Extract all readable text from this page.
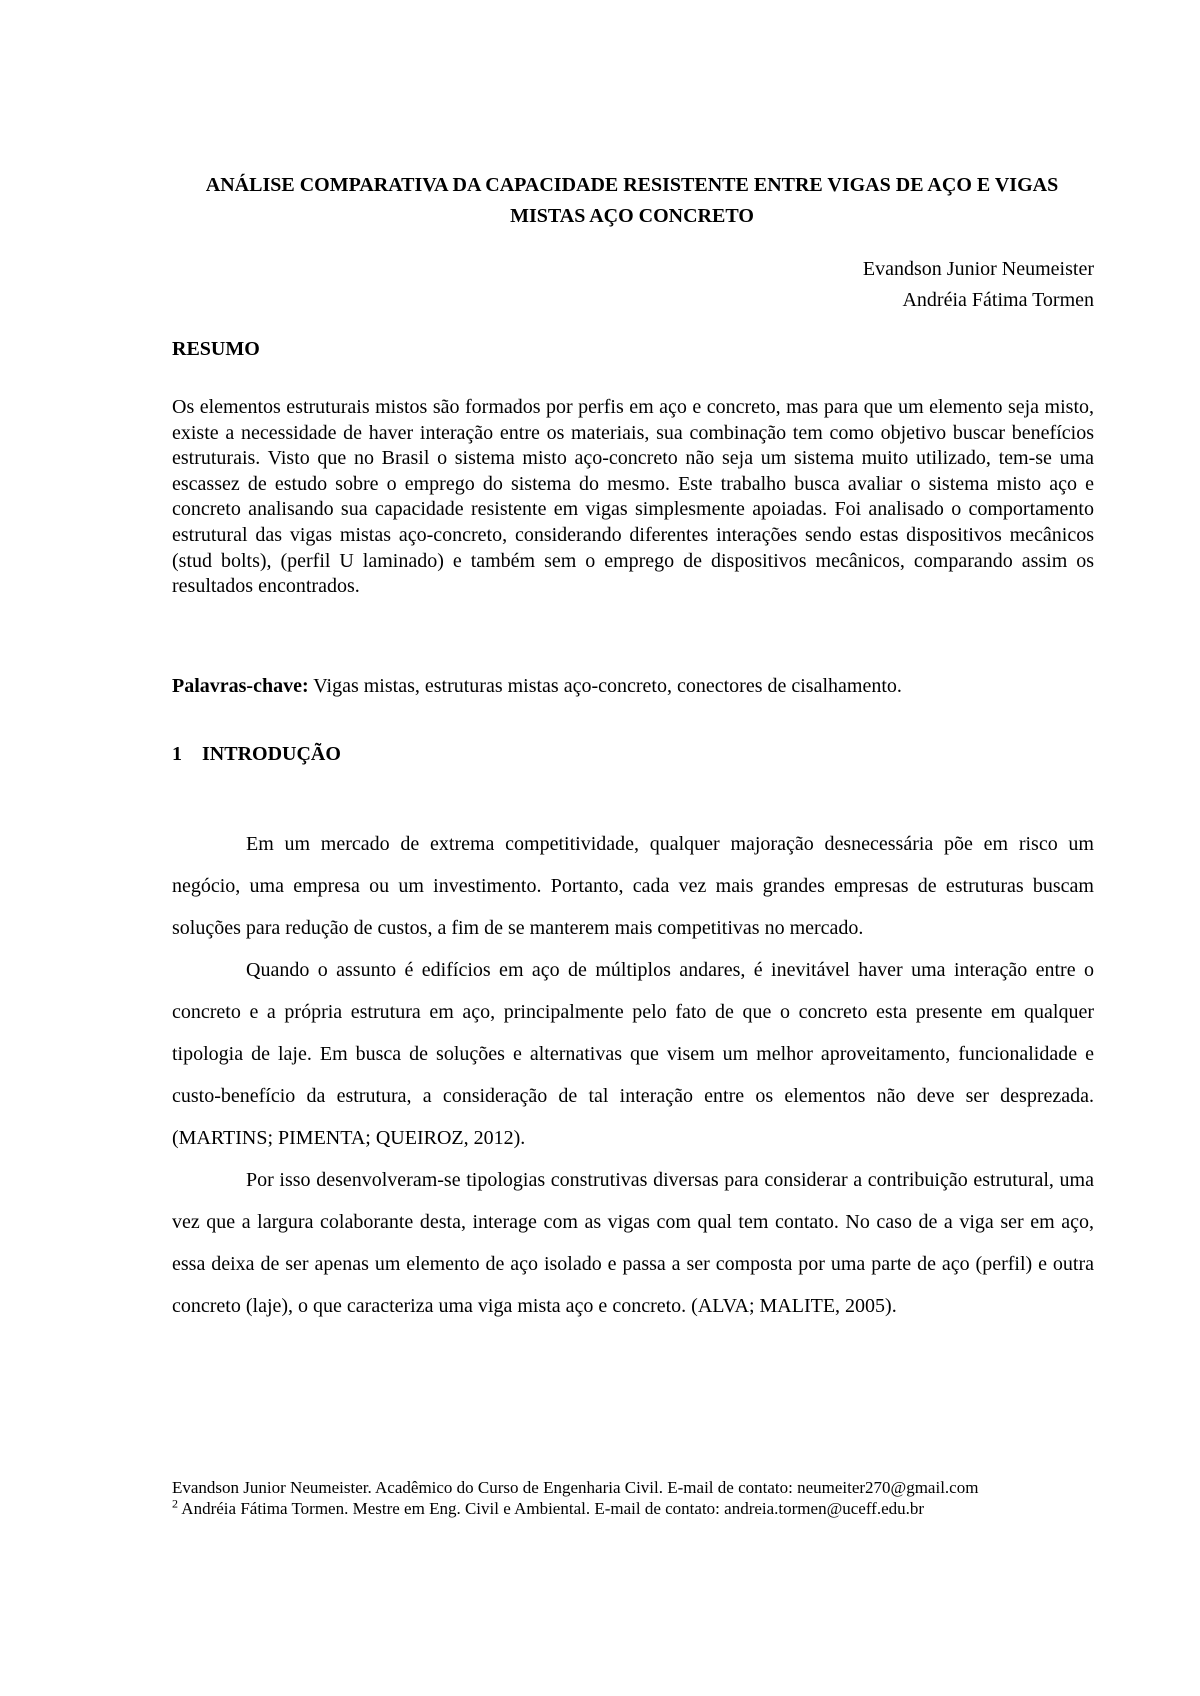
ANÁLISE COMPARATIVA DA CAPACIDADE RESISTENTE ENTRE VIGAS DE AÇO E VIGAS MISTAS AÇO CONCRETO
Evandson Junior Neumeister
Andréia Fátima Tormen
RESUMO

Os elementos estruturais mistos são formados por perfis em aço e concreto, mas para que um elemento seja misto, existe a necessidade de haver interação entre os materiais, sua combinação tem como objetivo buscar benefícios estruturais. Visto que no Brasil o sistema misto aço-concreto não seja um sistema muito utilizado, tem-se uma escassez de estudo sobre o emprego do sistema do mesmo. Este trabalho busca avaliar o sistema misto aço e concreto analisando sua capacidade resistente em vigas simplesmente apoiadas. Foi analisado o comportamento estrutural das vigas mistas aço-concreto, considerando diferentes interações sendo estas dispositivos mecânicos (stud bolts), (perfil U laminado) e também sem o emprego de dispositivos mecânicos, comparando assim os resultados encontrados.

Palavras-chave: Vigas mistas, estruturas mistas aço-concreto, conectores de cisalhamento.

1 INTRODUÇÃO

Em um mercado de extrema competitividade, qualquer majoração desnecessária põe em risco um negócio, uma empresa ou um investimento. Portanto, cada vez mais grandes empresas de estruturas buscam soluções para redução de custos, a fim de se manterem mais competitivas no mercado.

Quando o assunto é edifícios em aço de múltiplos andares, é inevitável haver uma interação entre o concreto e a própria estrutura em aço, principalmente pelo fato de que o concreto esta presente em qualquer tipologia de laje. Em busca de soluções e alternativas que visem um melhor aproveitamento, funcionalidade e custo-benefício da estrutura, a consideração de tal interação entre os elementos não deve ser desprezada. (MARTINS; PIMENTA; QUEIROZ, 2012).

Por isso desenvolveram-se tipologias construtivas diversas para considerar a contribuição estrutural, uma vez que a largura colaborante desta, interage com as vigas com qual tem contato. No caso de a viga ser em aço, essa deixa de ser apenas um elemento de aço isolado e passa a ser composta por uma parte de aço (perfil) e outra concreto (laje), o que caracteriza uma viga mista aço e concreto. (ALVA; MALITE, 2005).

Evandson Junior Neumeister. Acadêmico do Curso de Engenharia Civil. E-mail de contato: neumeiter270@gmail.com
$^2$ Andréia Fátima Tormen. Mestre em Eng. Civil e Ambiental. E-mail de contato: andreia.tormen@uceff.edu.br
